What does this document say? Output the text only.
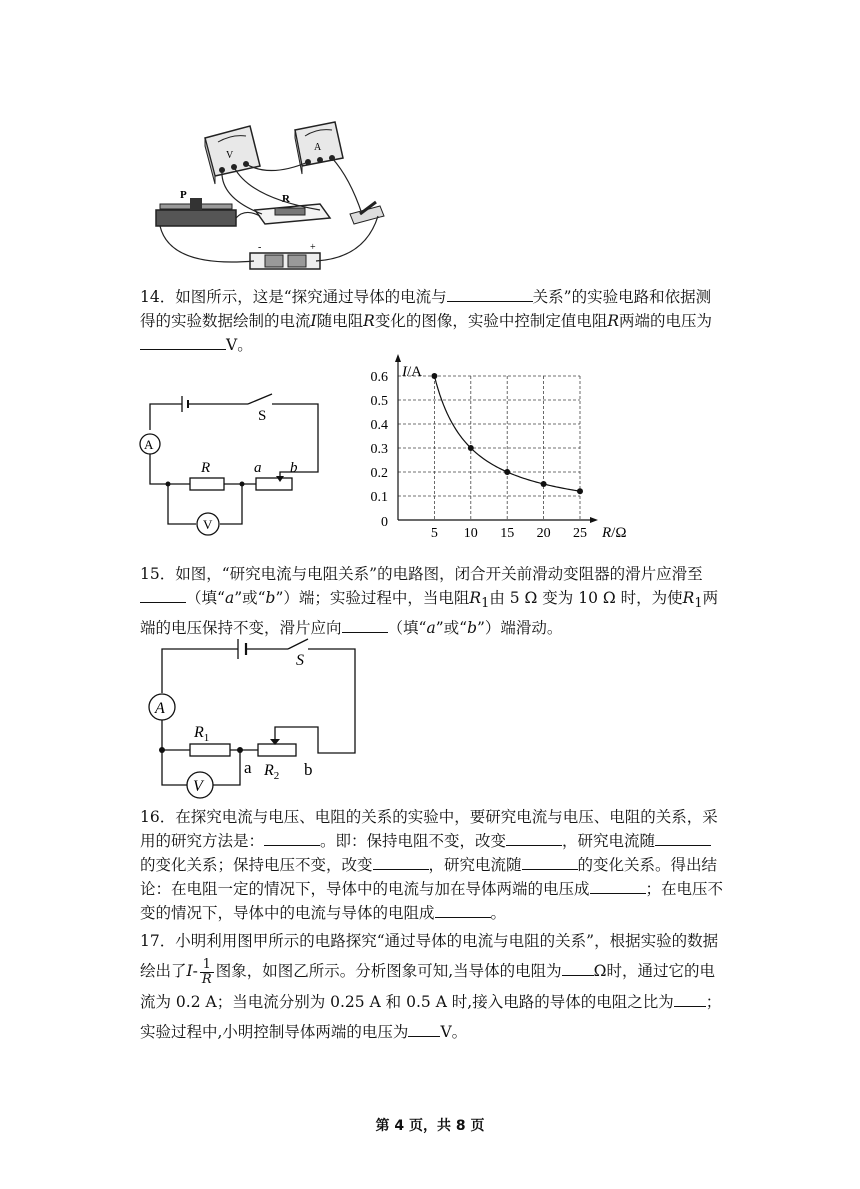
V
A
R
P
-	+

14．如图所示，这是“探究通过导体的电流与	关系”的实验电路和依据测得的实验数据绘制的电流I随电阻R变化的图像，实验中控制定值电阻R两端的电压为V。

A
V
S
R	a b
5 10 15 20 25
0
0.1
0.2
0.3
0.4
0.5
0.6 I/A
R/Ω

15．如图，“研究电流与电阻关系”的电路图，闭合开关前滑动变阻器的滑片应滑至（填“a”或“b”）端；实验过程中，当电阻$R_1$由 5 Ω 变为 10 Ω 时，为使$R_1$两端的电压保持不变，滑片应向	（填“a”或“b”）端滑动。

A
V
S
$R_1$
$R_2$
a	b

16．在探究电流与电压、电阻的关系的实验中，要研究电流与电压、电阻的关系，采用的研究方法是：	。即：保持电阻不变，改变	，研究电流随的变化关系；保持电压不变，改变	，研究电流随	的变化关系。得出结论：在电阻一定的情况下，导体中的电流与加在导体两端的电压成	；在电压不变的情况下，导体中的电流与导体的电阻成	。

17．小明利用图甲所示的电路探究“通过导体的电流与电阻的关系”，根据实验的数据绘出了$I- \frac{1}{R}$ 图象，如图乙所示。分析图象可知,当导体的电阻为 Ω时，通过它的电流为 0.2 A；当电流分别为 0.25 A 和 0.5 A 时,接入电路的导体的电阻之比为 ；实验过程中,小明控制导体两端的电压为 V。

第 4 页，共 8 页
